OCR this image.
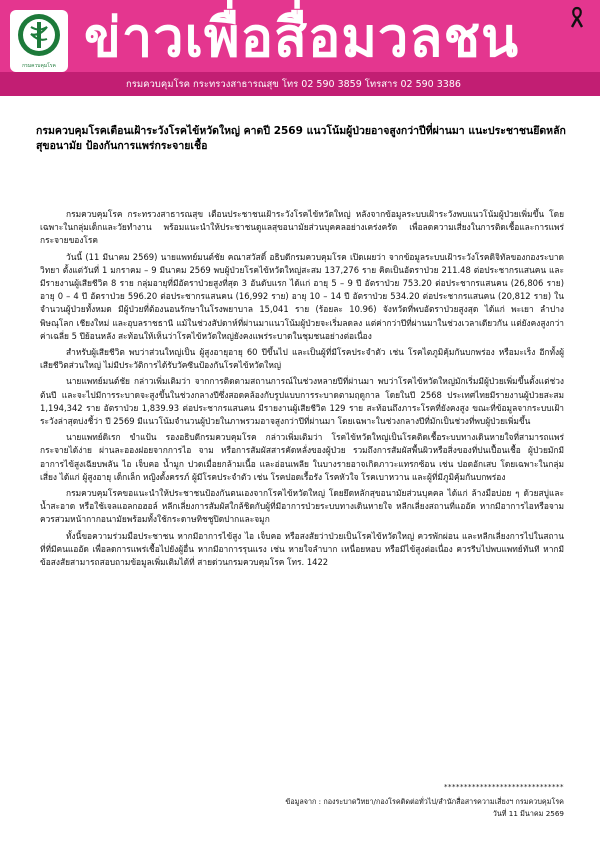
กรมควบคุมโรค ข่าวเพื่อสื่อมวลชน
กรมควบคุมโรค กระทรวงสาธารณสุข โทร 02 590 3859 โทรสาร 02 590 3386
กรมควบคุมโรคเตือนเฝ้าระวังโรคไข้หวัดใหญ่ คาดปี 2569 แนวโน้มผู้ป่วยอาจสูงกว่าปีที่ผ่านมา แนะประชาชนยึดหลักสุขอนามัย ป้องกันการแพร่กระจายเชื้อ

กรมควบคุมโรค กระทรวงสาธารณสุข เตือนประชาชนเฝ้าระวังโรคไข้หวัดใหญ่ หลังจากข้อมูลระบบเฝ้าระวังพบแนวโน้มผู้ป่วยเพิ่มขึ้น โดยเฉพาะในกลุ่มเด็กและวัยทำงาน พร้อมแนะนำให้ประชาชนดูแลสุขอนามัยส่วนบุคคลอย่างเคร่งครัด เพื่อลดความเสี่ยงในการติดเชื้อและการแพร่กระจายของโรค

วันนี้ (11 มีนาคม 2569) นายแพทย์มนต์ชัย คณาสวัสดิ์ อธิบดีกรมควบคุมโรค เปิดเผยว่า จากข้อมูลระบบเฝ้าระวังโรคดิจิทัลของกองระบาดวิทยา ตั้งแต่วันที่ 1 มกราคม – 9 มีนาคม 2569 พบผู้ป่วยโรคไข้หวัดใหญ่สะสม 137,276 ราย คิดเป็นอัตราป่วย 211.48 ต่อประชากรแสนคน และมีรายงานผู้เสียชีวิต 8 ราย กลุ่มอายุที่มีอัตราป่วยสูงที่สุด 3 อันดับแรก ได้แก่ อายุ 5 – 9 ปี อัตราป่วย 753.20 ต่อประชากรแสนคน (26,806 ราย) อายุ 0 – 4 ปี อัตราป่วย 596.20 ต่อประชากรแสนคน (16,992 ราย) อายุ 10 – 14 ปี อัตราป่วย 534.20 ต่อประชากรแสนคน (20,812 ราย) ในจำนวนผู้ป่วยทั้งหมด มีผู้ป่วยที่ต้องนอนรักษาในโรงพยาบาล 15,041 ราย (ร้อยละ 10.96) จังหวัดที่พบอัตราป่วยสูงสุด ได้แก่ พะเยา ลำปาง พิษณุโลก เชียงใหม่ และอุบลราชธานี แม้ในช่วงสัปดาห์ที่ผ่านมาแนวโน้มผู้ป่วยจะเริ่มลดลง แต่ค่ากว่าปีที่ผ่านมาในช่วงเวลาเดียวกัน แต่ยังคงสูงกว่าค่าเฉลี่ย 5 ปีย้อนหลัง สะท้อนให้เห็นว่าโรคไข้หวัดใหญ่ยังคงแพร่ระบาดในชุมชนอย่างต่อเนื่อง

สำหรับผู้เสียชีวิต พบว่าส่วนใหญ่เป็น ผู้สูงอายุอายุ 60 ปีขึ้นไป และเป็นผู้ที่มีโรคประจำตัว เช่น โรคไตภูมิคุ้มกันบกพร่อง หรือมะเร็ง อีกทั้งผู้เสียชีวิตส่วนใหญ่ ไม่มีประวัติการได้รับวัคซีนป้องกันโรคไข้หวัดใหญ่

นายแพทย์มนต์ชัย กล่าวเพิ่มเติมว่า จากการติดตามสถานการณ์ในช่วงหลายปีที่ผ่านมา พบว่าโรคไข้หวัดใหญ่มักเริ่มมีผู้ป่วยเพิ่มขึ้นตั้งแต่ช่วงต้นปี และจะไปมีการระบาดจะสูงขึ้นในช่วงกลางปีซึ่งสอดคล้องกับรูปแบบการระบาดตามฤดูกาล โดยในปี 2568 ประเทศไทยมีรายงานผู้ป่วยสะสม 1,194,342 ราย อัตราป่วย 1,839.93 ต่อประชากรแสนคน มีรายงานผู้เสียชีวิต 129 ราย สะท้อนถึงภาระโรคที่ยังคงสูง ขณะที่ข้อมูลจากระบบเฝ้าระวังล่าสุดบ่งชี้ว่า ปี 2569 มีแนวโน้มจำนวนผู้ป่วยในภาพรวมอาจสูงกว่าปีที่ผ่านมา โดยเฉพาะในช่วงกลางปีที่มักเป็นช่วงที่พบผู้ป่วยเพิ่มขึ้น

นายแพทย์ดิเรก ขำแป้น รองอธิบดีกรมควบคุมโรค กล่าวเพิ่มเติมว่า โรคไข้หวัดใหญ่เป็นโรคติดเชื้อระบบทางเดินหายใจที่สามารถแพร่กระจายได้ง่าย ผ่านละอองฝอยจากการไอ จาม หรือการสัมผัสสารคัดหลั่งของผู้ป่วย รวมถึงการสัมผัสพื้นผิวหรือสิ่งของที่ปนเปื้อนเชื้อ ผู้ป่วยมักมีอาการไข้สูงเฉียบพลัน ไอ เจ็บคอ น้ำมูก ปวดเมื่อยกล้ามเนื้อ และอ่อนเพลีย ในบางรายอาจเกิดภาวะแทรกซ้อน เช่น ปอดอักเสบ โดยเฉพาะในกลุ่มเสี่ยง ได้แก่ ผู้สูงอายุ เด็กเล็ก หญิงตั้งครรภ์ ผู้มีโรคประจำตัว เช่น โรคปอดเรื้อรัง โรคหัวใจ โรคเบาหวาน และผู้ที่มีภูมิคุ้มกันบกพร่อง

กรมควบคุมโรคขอแนะนำให้ประชาชนป้องกันตนเองจากโรคไข้หวัดใหญ่ โดยยึดหลักสุขอนามัยส่วนบุคคล ได้แก่ ล้างมือบ่อย ๆ ด้วยสบู่และน้ำสะอาด หรือใช้เจลแอลกอฮอล์ หลีกเลี่ยงการสัมผัสใกล้ชิดกับผู้ที่มีอาการป่วยระบบทางเดินหายใจ หลีกเลี่ยงสถานที่แออัด หากมีอาการไอหรือจาม ควรสวมหน้ากากอนามัยพร้อมทั้งใช้กระดาษทิชชูปิดปากและจมูก

ทั้งนี้ขอความร่วมมือประชาชน หากมีอาการไข้สูง ไอ เจ็บคอ หรือสงสัยว่าป่วยเป็นโรคไข้หวัดใหญ่ ควรพักผ่อน และหลีกเลี่ยงการไปในสถานที่ที่มีคนแออัด เพื่อลดการแพร่เชื้อไปยังผู้อื่น หากมีอาการรุนแรง เช่น หายใจลำบาก เหนื่อยหอบ หรือมีไข้สูงต่อเนื่อง ควรรีบไปพบแพทย์ทันที หากมีข้อสงสัยสามารถสอบถามข้อมูลเพิ่มเติมได้ที่ สายด่วนกรมควบคุมโรค โทร. 1422

******************************
ข้อมูลจาก : กองระบาดวิทยา/กองโรคติดต่อทั่วไป/สำนักสื่อสารความเสี่ยงฯ กรมควบคุมโรค
วันที่ 11 มีนาคม 2569
